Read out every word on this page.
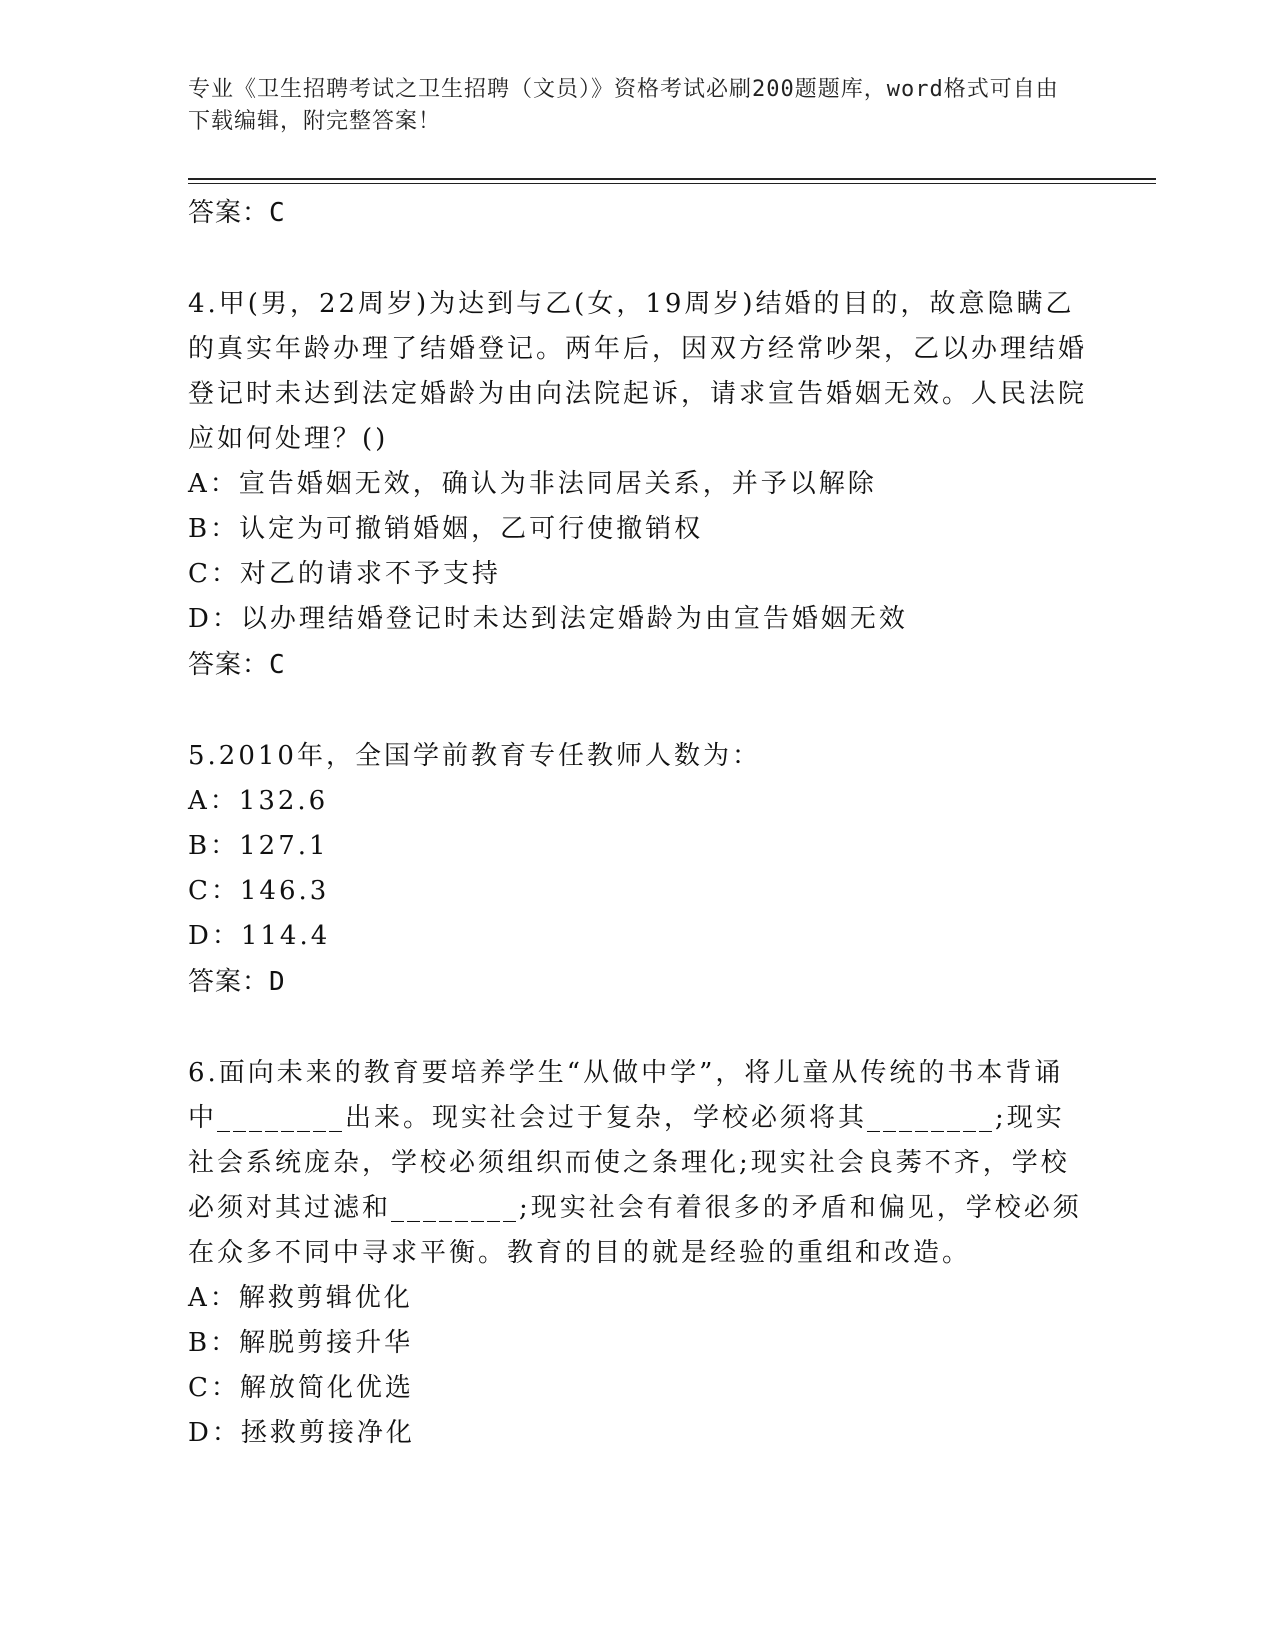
专业《卫生招聘考试之卫生招聘（文员）》资格考试必刷200题题库，word格式可自由下载编辑，附完整答案！
答案：C
4.甲(男，22周岁)为达到与乙(女，19周岁)结婚的目的，故意隐瞒乙的真实年龄办理了结婚登记。两年后，因双方经常吵架，乙以办理结婚登记时未达到法定婚龄为由向法院起诉，请求宣告婚姻无效。人民法院应如何处理？()
A：宣告婚姻无效，确认为非法同居关系，并予以解除
B：认定为可撤销婚姻，乙可行使撤销权
C：对乙的请求不予支持
D：以办理结婚登记时未达到法定婚龄为由宣告婚姻无效
答案：C
5.2010年，全国学前教育专任教师人数为：
A：132.6
B：127.1
C：146.3
D：114.4
答案：D
6.面向未来的教育要培养学生“从做中学”，将儿童从传统的书本背诵中________出来。现实社会过于复杂，学校必须将其________;现实社会系统庞杂，学校必须组织而使之条理化;现实社会良莠不齐，学校必须对其过滤和________;现实社会有着很多的矛盾和偏见，学校必须在众多不同中寻求平衡。教育的目的就是经验的重组和改造。
A：解救剪辑优化
B：解脱剪接升华
C：解放简化优选
D：拯救剪接净化
